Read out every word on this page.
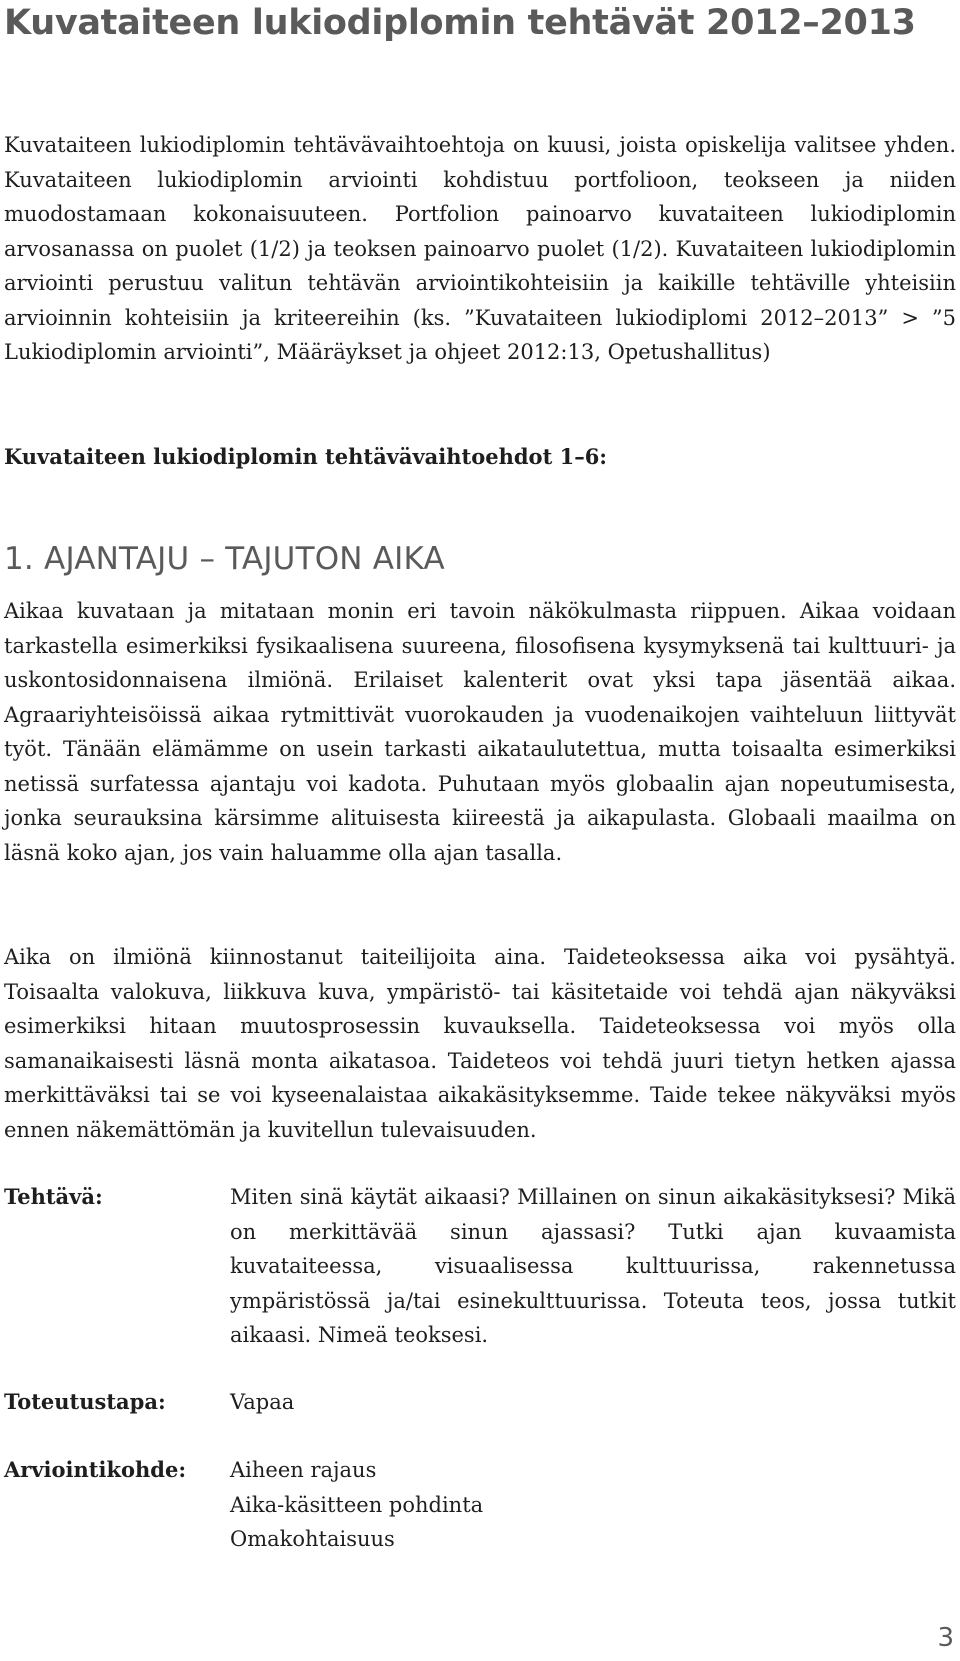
Kuvataiteen lukiodiplomin tehtävät 2012–2013

Kuvataiteen lukiodiplomin tehtävävaihtoehtoja on kuusi, joista opiskelija valitsee yhden. Kuvataiteen lukiodiplomin arviointi kohdistuu portfolioon, teokseen ja niiden muodostamaan kokonaisuuteen. Portfolion painoarvo kuvataiteen lukiodiplomin arvosanassa on puolet (1/2) ja teoksen painoarvo puolet (1/2). Kuvataiteen lukiodiplomin arviointi perustuu valitun tehtävän arviointikohteisiin ja kaikille tehtäville yhteisiin arvioinnin kohteisiin ja kriteereihin (ks. ”Kuvataiteen lukiodiplomi 2012–2013” > ”5 Lukiodiplomin arviointi”, Määräykset ja ohjeet 2012:13, Opetushallitus)

Kuvataiteen lukiodiplomin tehtävävaihtoehdot 1–6:
1. AJANTAJU – TAJUTON AIKA

Aikaa kuvataan ja mitataan monin eri tavoin näkökulmasta riippuen. Aikaa voidaan tarkastella esimerkiksi fysikaalisena suureena, filosofisena kysymyksenä tai kulttuuri- ja uskontosidonnaisena ilmiönä. Erilaiset kalenterit ovat yksi tapa jäsentää aikaa. Agraariyhteisöissä aikaa rytmittivät vuorokauden ja vuodenaikojen vaihteluun liittyvät työt. Tänään elämämme on usein tarkasti aikataulutettua, mutta toisaalta esimerkiksi netissä surfatessa ajantaju voi kadota. Puhutaan myös globaalin ajan nopeutumisesta, jonka seurauksina kärsimme alituisesta kiireestä ja aikapulasta. Globaali maailma on läsnä koko ajan, jos vain haluamme olla ajan tasalla.

Aika on ilmiönä kiinnostanut taiteilijoita aina. Taideteoksessa aika voi pysähtyä. Toisaalta valokuva, liikkuva kuva, ympäristö- tai käsitetaide voi tehdä ajan näkyväksi esimerkiksi hitaan muutosprosessin kuvauksella. Taideteoksessa voi myös olla samanaikaisesti läsnä monta aikatasoa. Taideteos voi tehdä juuri tietyn hetken ajassa merkittäväksi tai se voi kyseenalaistaa aikakäsityksemme. Taide tekee näkyväksi myös ennen näkemättömän ja kuvitellun tulevaisuuden.

Tehtävä:	Miten sinä käytät aikaasi? Millainen on sinun aikakäsityksesi? Mikä on merkittävää sinun ajassasi? Tutki ajan kuvaamista kuvataiteessa, visuaalisessa kulttuurissa, rakennetussa ympäristössä ja/tai esinekulttuurissa. Toteuta teos, jossa tutkit aikaasi. Nimeä teoksesi.

Toteutustapa:	Vapaa

Arviointikohde: Aiheen rajaus
Aika-käsitteen pohdinta
Omakohtaisuus

3
